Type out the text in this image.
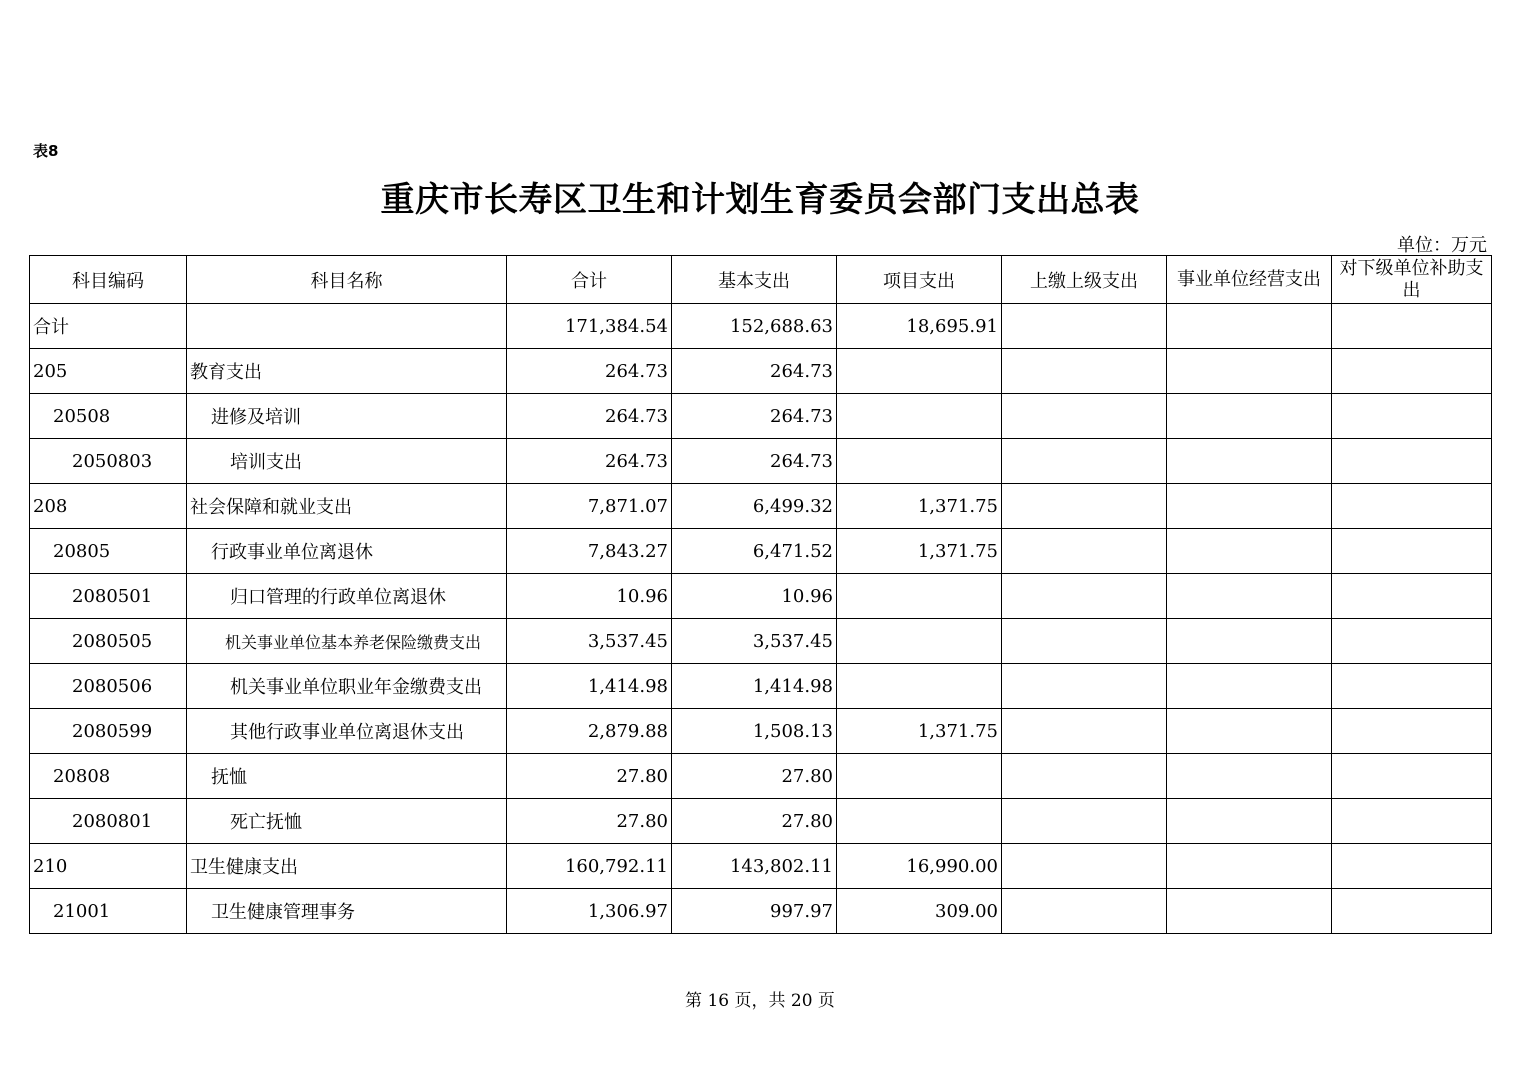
表8
重庆市长寿区卫生和计划生育委员会部门支出总表
单位：万元
科目编码	科目名称	合计	基本支出	项目支出	上缴上级支出	事业单位经营支出	对下级单位补助支出
合计		171,384.54	152,688.63	18,695.91			
205	教育支出	264.73	264.73				
20508	进修及培训	264.73	264.73				
2050803	培训支出	264.73	264.73				
208	社会保障和就业支出	7,871.07	6,499.32	1,371.75			
20805	行政事业单位离退休	7,843.27	6,471.52	1,371.75			
2080501	归口管理的行政单位离退休	10.96	10.96				
2080505	机关事业单位基本养老保险缴费支出	3,537.45	3,537.45				
2080506	机关事业单位职业年金缴费支出	1,414.98	1,414.98				
2080599	其他行政事业单位离退休支出	2,879.88	1,508.13	1,371.75			
20808	抚恤	27.80	27.80				
2080801	死亡抚恤	27.80	27.80				
210	卫生健康支出	160,792.11	143,802.11	16,990.00			
21001	卫生健康管理事务	1,306.97	997.97	309.00			
第 16 页，共 20 页
